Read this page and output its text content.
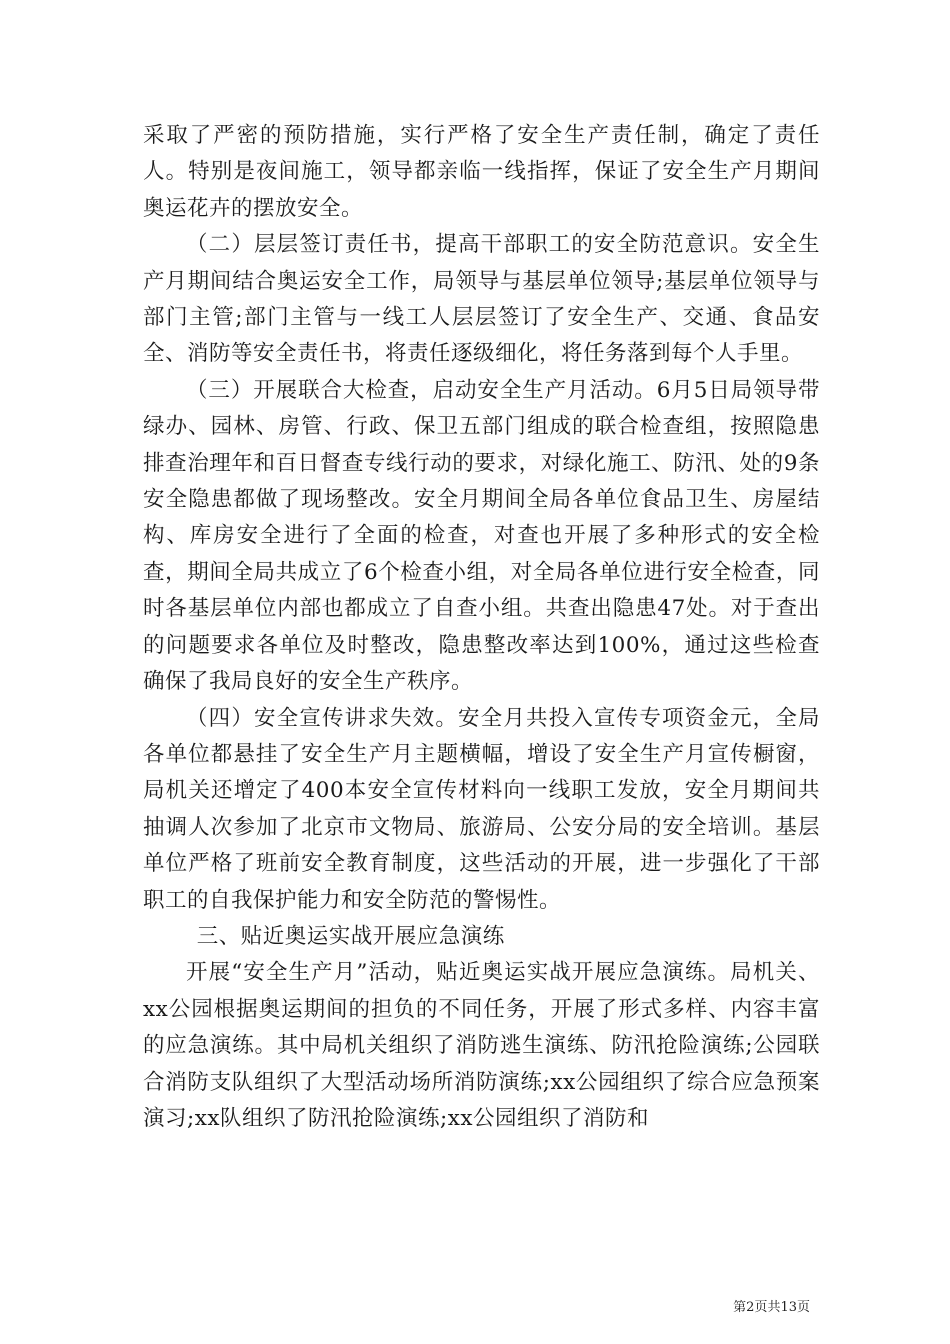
采取了严密的预防措施，实行严格了安全生产责任制，确定了责任人。特别是夜间施工，领导都亲临一线指挥，保证了安全生产月期间奥运花卉的摆放安全。

（二）层层签订责任书，提高干部职工的安全防范意识。安全生产月期间结合奥运安全工作，局领导与基层单位领导;基层单位领导与部门主管;部门主管与一线工人层层签订了安全生产、交通、食品安全、消防等安全责任书，将责任逐级细化，将任务落到每个人手里。

（三）开展联合大检查，启动安全生产月活动。6月5日局领导带绿办、园林、房管、行政、保卫五部门组成的联合检查组，按照隐患排查治理年和百日督查专线行动的要求，对绿化施工、防汛、处的9条安全隐患都做了现场整改。安全月期间全局各单位食品卫生、房屋结构、库房安全进行了全面的检查，对查也开展了多种形式的安全检查，期间全局共成立了6个检查小组，对全局各单位进行安全检查，同时各基层单位内部也都成立了自查小组。共查出隐患47处。对于查出的问题要求各单位及时整改，隐患整改率达到100%，通过这些检查确保了我局良好的安全生产秩序。

（四）安全宣传讲求失效。安全月共投入宣传专项资金元，全局各单位都悬挂了安全生产月主题横幅，增设了安全生产月宣传橱窗，局机关还增定了400本安全宣传材料向一线职工发放，安全月期间共抽调人次参加了北京市文物局、旅游局、公安分局的安全培训。基层单位严格了班前安全教育制度，这些活动的开展，进一步强化了干部职工的自我保护能力和安全防范的警惕性。

三、贴近奥运实战开展应急演练

开展“安全生产月”活动，贴近奥运实战开展应急演练。局机关、xx公园根据奥运期间的担负的不同任务，开展了形式多样、内容丰富的应急演练。其中局机关组织了消防逃生演练、防汛抢险演练;公园联合消防支队组织了大型活动场所消防演练;xx公园组织了综合应急预案演习;xx队组织了防汛抢险演练;xx公园组织了消防和

第2页共13页
